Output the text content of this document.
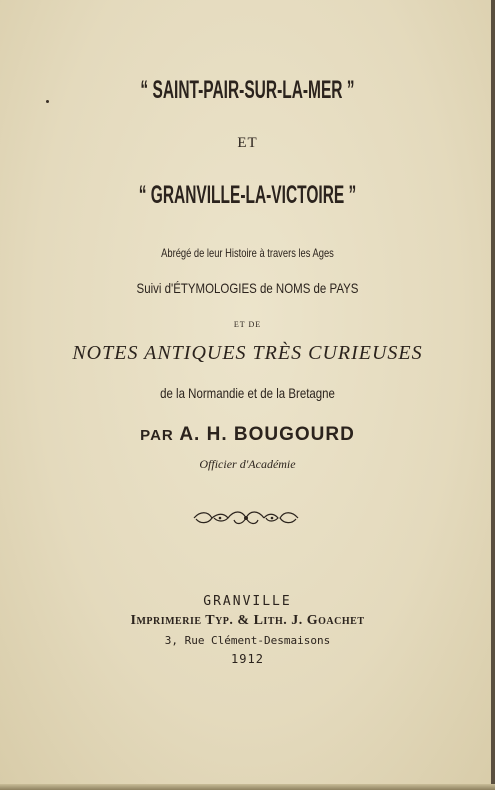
“ SAINT-PAIR-SUR-LA-MER ”
ET
“ GRANVILLE-LA-VICTOIRE ”
Abrégé de leur Histoire à travers les Ages
Suivi d'ÉTYMOLOGIES de NOMS de PAYS
ET DE
NOTES ANTIQUES TRÈS CURIEUSES
de la Normandie et de la Bretagne
PAR A. H. BOUGOURD
Officier d'Académie
GRANVILLE
Imprimerie Typ. & Lith. J. Goachet
3, Rue Clément-Desmaisons
1912
